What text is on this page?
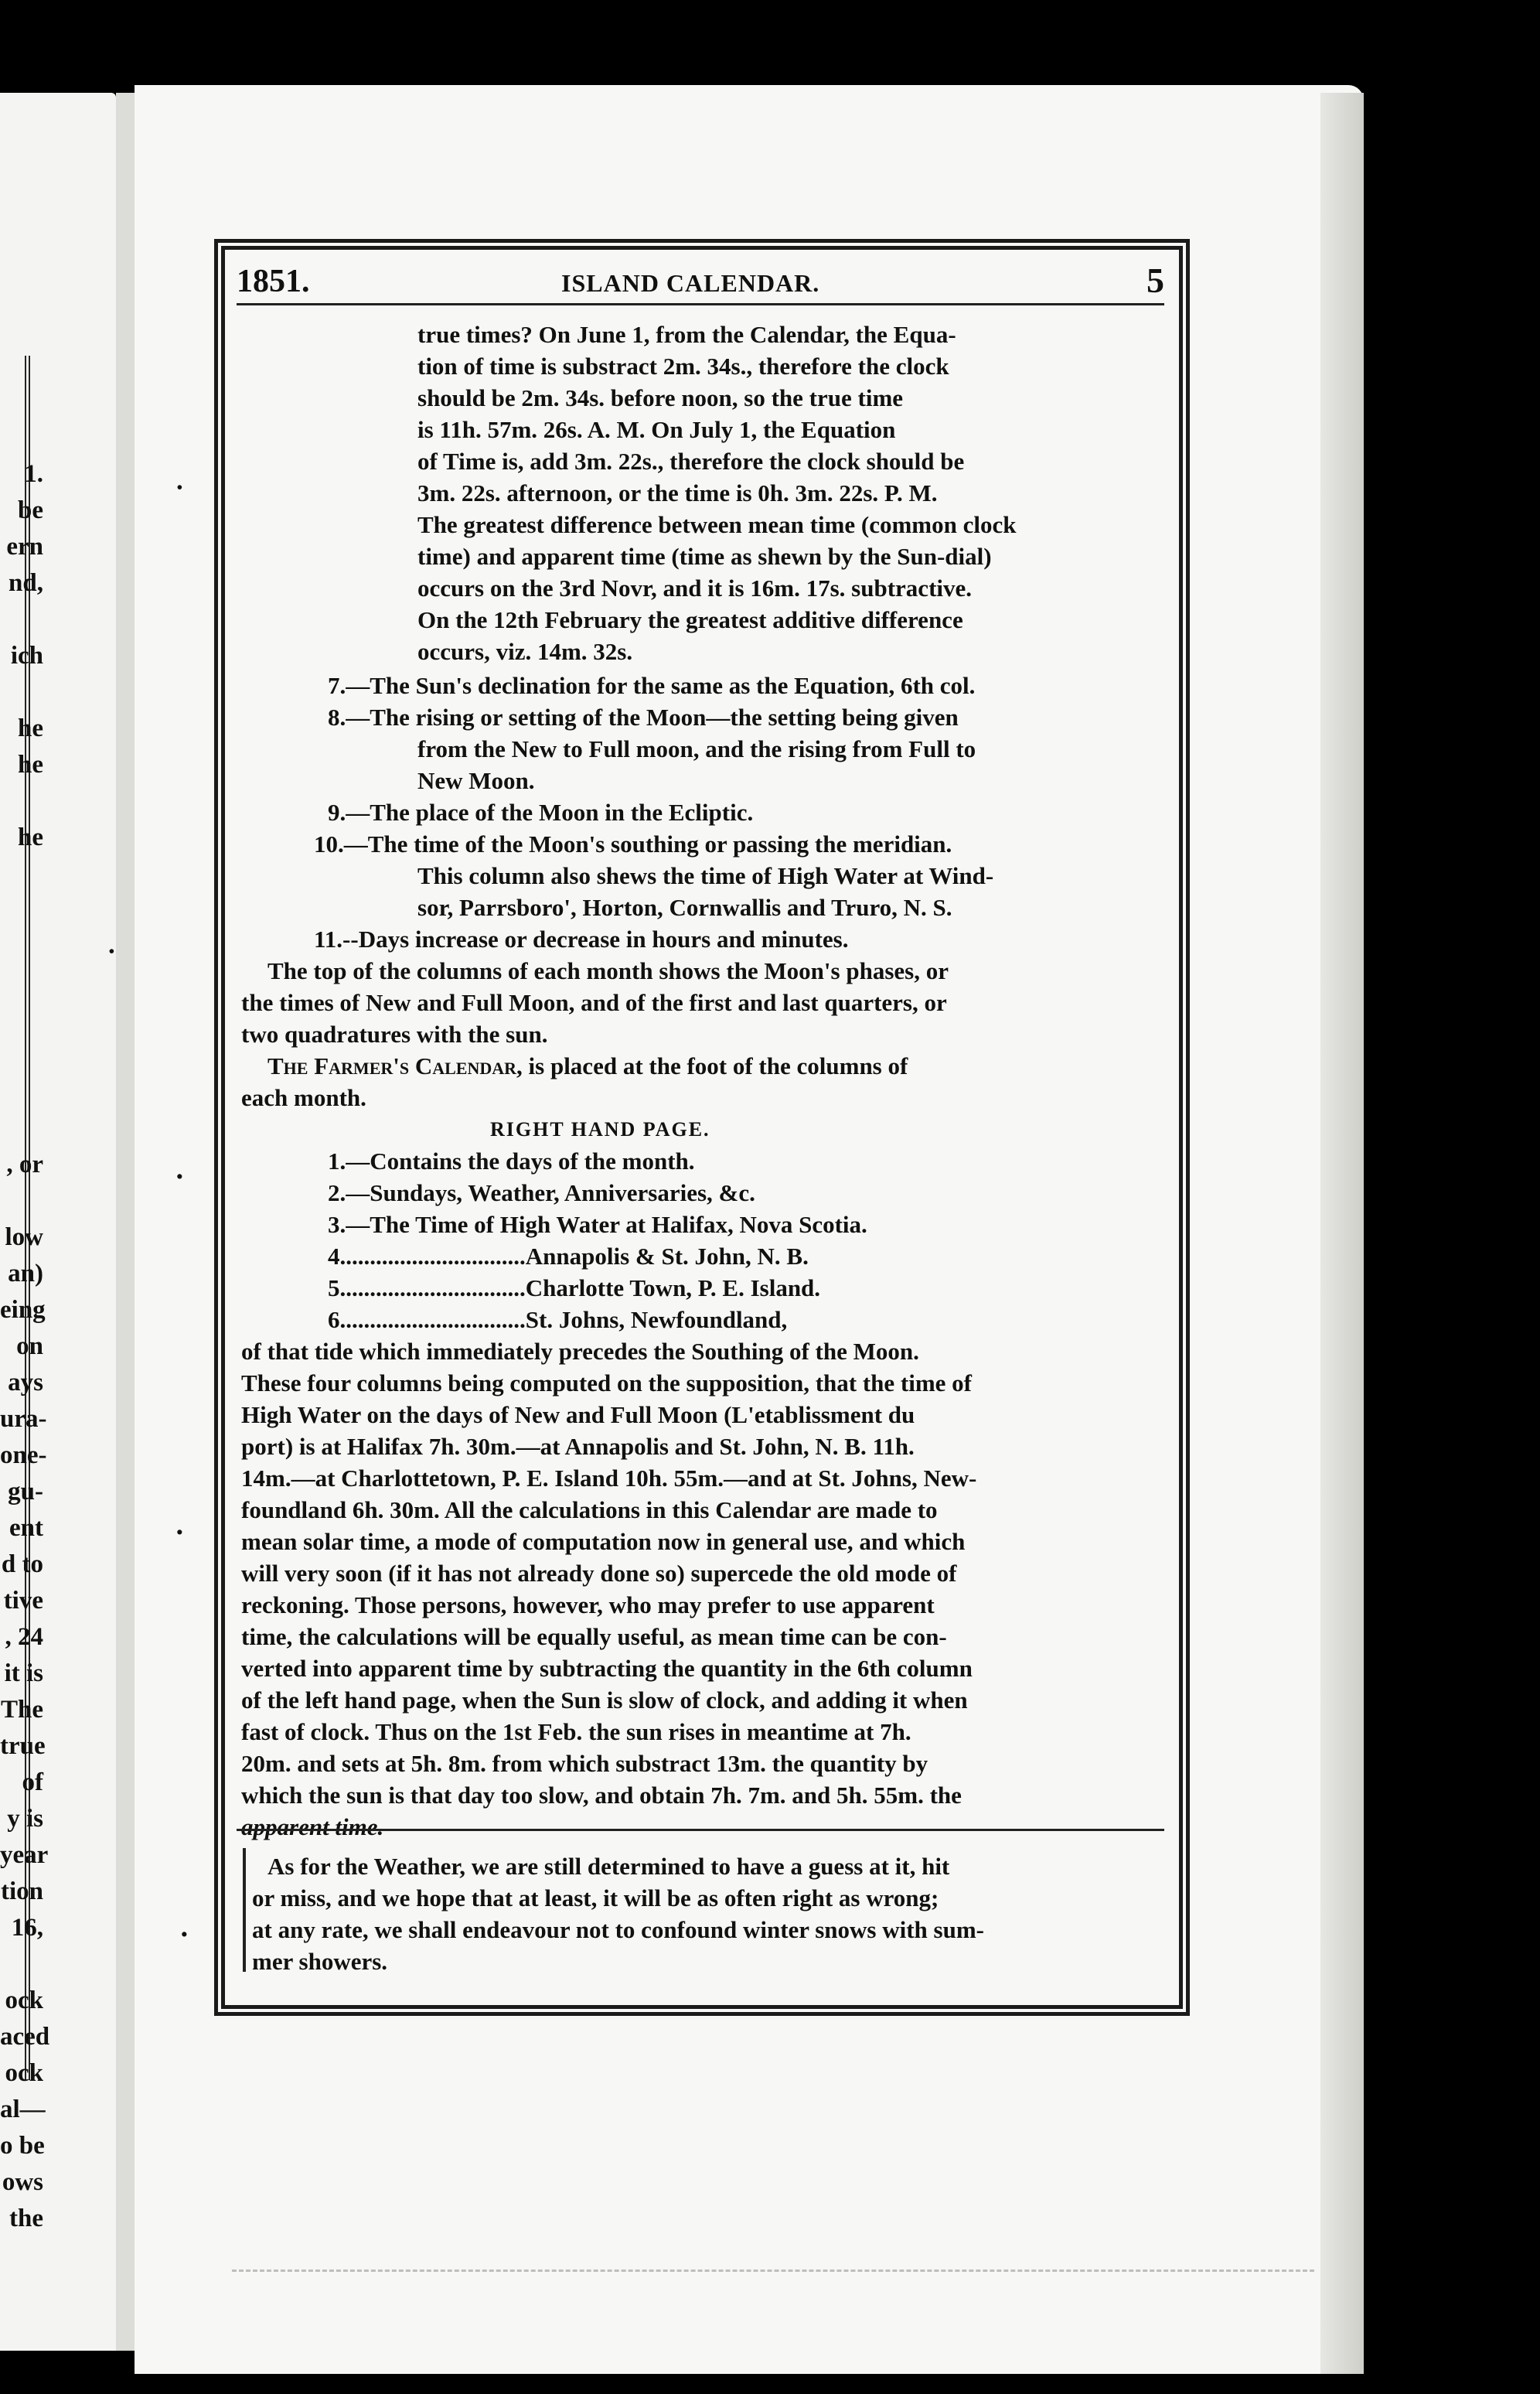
1.
be
ern
nd,
ich
he
he
he
, or
low
an)
eing
on
ays
ura-
one-
gu-
ent
d to
tive
, 24
it is
The
true
of
y is
year
tion
16,
ock
aced
ock
al—
o be
ows
the
1851.	ISLAND CALENDAR.	5
true times? On June 1, from the Calendar, the Equa-
tion of time is substract 2m. 34s., therefore the clock
should be 2m. 34s. before noon, so the true time
is 11h. 57m. 26s. A. M. On July 1, the Equation
of Time is, add 3m. 22s., therefore the clock should be
3m. 22s. afternoon, or the time is 0h. 3m. 22s. P. M.
The greatest difference between mean time (common clock
time) and apparent time (time as shewn by the Sun-dial)
occurs on the 3rd Novr, and it is 16m. 17s. subtractive.
On the 12th February the greatest additive difference
occurs, viz. 14m. 32s.
7.—The Sun's declination for the same as the Equation, 6th col.
8.—The rising or setting of the Moon—the setting being given
from the New to Full moon, and the rising from Full to
New Moon.
9.—The place of the Moon in the Ecliptic.
10.—The time of the Moon's southing or passing the meridian.
This column also shews the time of High Water at Wind-
sor, Parrsboro', Horton, Cornwallis and Truro, N. S.
11.--Days increase or decrease in hours and minutes.
The top of the columns of each month shows the Moon's phases, or
the times of New and Full Moon, and of the first and last quarters, or
two quadratures with the sun.
The Farmer's Calendar, is placed at the foot of the columns of
each month.
RIGHT HAND PAGE.
1.—Contains the days of the month.
2.—Sundays, Weather, Anniversaries, &c.
3.—The Time of High Water at Halifax, Nova Scotia.
4...............................Annapolis & St. John, N. B.
5...............................Charlotte Town, P. E. Island.
6...............................St. Johns, Newfoundland,
of that tide which immediately precedes the Southing of the Moon.
These four columns being computed on the supposition, that the time of
High Water on the days of New and Full Moon (L'etablissment du
port) is at Halifax 7h. 30m.—at Annapolis and St. John, N. B. 11h.
14m.—at Charlottetown, P. E. Island 10h. 55m.—and at St. Johns, New-
foundland 6h. 30m. All the calculations in this Calendar are made to
mean solar time, a mode of computation now in general use, and which
will very soon (if it has not already done so) supercede the old mode of
reckoning. Those persons, however, who may prefer to use apparent
time, the calculations will be equally useful, as mean time can be con-
verted into apparent time by subtracting the quantity in the 6th column
of the left hand page, when the Sun is slow of clock, and adding it when
fast of clock. Thus on the 1st Feb. the sun rises in meantime at 7h.
20m. and sets at 5h. 8m. from which substract 13m. the quantity by
which the sun is that day too slow, and obtain 7h. 7m. and 5h. 55m. the
apparent time.
As for the Weather, we are still determined to have a guess at it, hit
or miss, and we hope that at least, it will be as often right as wrong;
at any rate, we shall endeavour not to confound winter snows with sum-
mer showers.
˙
˙
·
·
·
